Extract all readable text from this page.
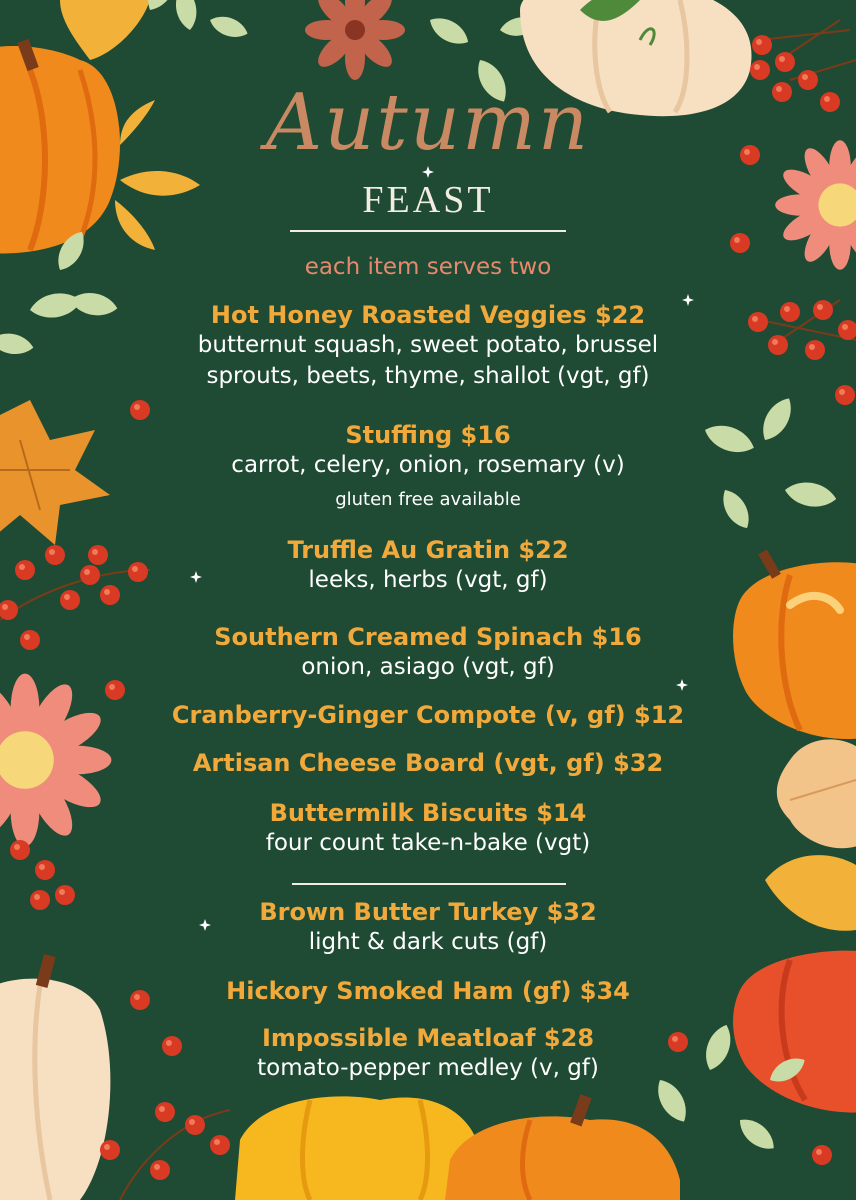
Autumn
FEAST
each item serves two
Hot Honey Roasted Veggies $22
butternut squash, sweet potato, brussel
sprouts, beets, thyme, shallot (vgt, gf)
Stuffing $16
carrot, celery, onion, rosemary (v)
gluten free available
Truffle Au Gratin $22
leeks, herbs (vgt, gf)
Southern Creamed Spinach $16
onion, asiago (vgt, gf)
Cranberry-Ginger Compote (v, gf) $12
Artisan Cheese Board (vgt, gf) $32
Buttermilk Biscuits $14
four count take-n-bake (vgt)
Brown Butter Turkey $32
light & dark cuts (gf)
Hickory Smoked Ham (gf) $34
Impossible Meatloaf $28
tomato-pepper medley (v, gf)
